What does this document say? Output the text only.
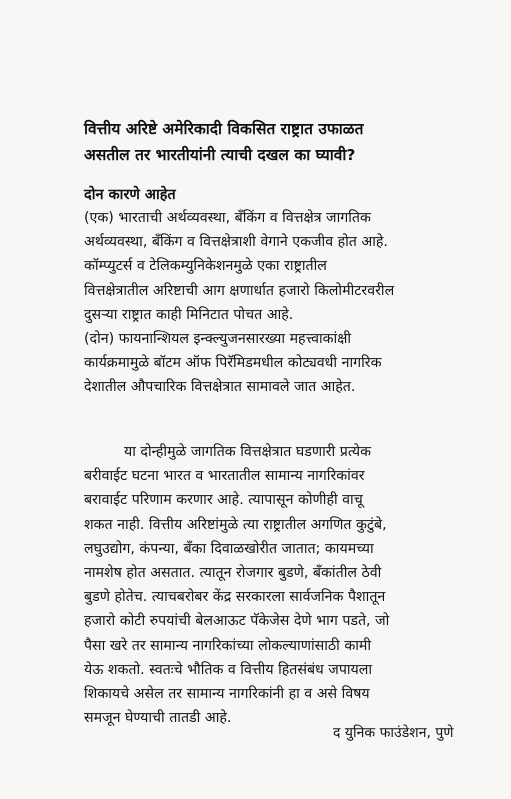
वित्तीय अरिष्टे अमेरिकादी विकसित राष्ट्रात उफाळत
असतील तर भारतीयांनी त्याची दखल का घ्यावी?
दोन कारणे आहेत
(एक) भारताची अर्थव्यवस्था, बँकिंग व वित्तक्षेत्र जागतिक
अर्थव्यवस्था, बँकिंग व वित्तक्षेत्राशी वेगाने एकजीव होत आहे.
कॉम्प्युटर्स व टेलिकम्युनिकेशनमुळे एका राष्ट्रातील
वित्तक्षेत्रातील अरिष्टाची आग क्षणार्धात हजारो किलोमीटरवरील
दुसऱ्या राष्ट्रात काही मिनिटात पोचत आहे.
(दोन) फायनान्शियल इन्क्ल्युजनसारख्या महत्त्वाकांक्षी
कार्यक्रमामुळे बॉटम ऑफ पिरॅमिडमधील कोट्यवधी नागरिक
देशातील औपचारिक वित्तक्षेत्रात सामावले जात आहेत.
या दोन्हीमुळे जागतिक वित्तक्षेत्रात घडणारी प्रत्येक
बरीवाईट घटना भारत व भारतातील सामान्य नागरिकांवर
बरावाईट परिणाम करणार आहे. त्यापासून कोणीही वाचू
शकत नाही. वित्तीय अरिष्टांमुळे त्या राष्ट्रातील अगणित कुटुंबे,
लघुउद्योग, कंपन्या, बँका दिवाळखोरीत जातात; कायमच्या
नामशेष होत असतात. त्यातून रोजगार बुडणे, बँकांतील ठेवी
बुडणे होतेच. त्याचबरोबर केंद्र सरकारला सार्वजनिक पैशातून
हजारो कोटी रुपयांची बेलआऊट पॅकेजेस देणे भाग पडते, जो
पैसा खरे तर सामान्य नागरिकांच्या लोकल्याणांसाठी कामी
येऊ शकतो. स्वतःचे भौतिक व वित्तीय हितसंबंध जपायला
शिकायचे असेल तर सामान्य नागरिकांनी हा व असे विषय
समजून घेण्याची तातडी आहे.

द युनिक फाउंडेशन, पुणे
